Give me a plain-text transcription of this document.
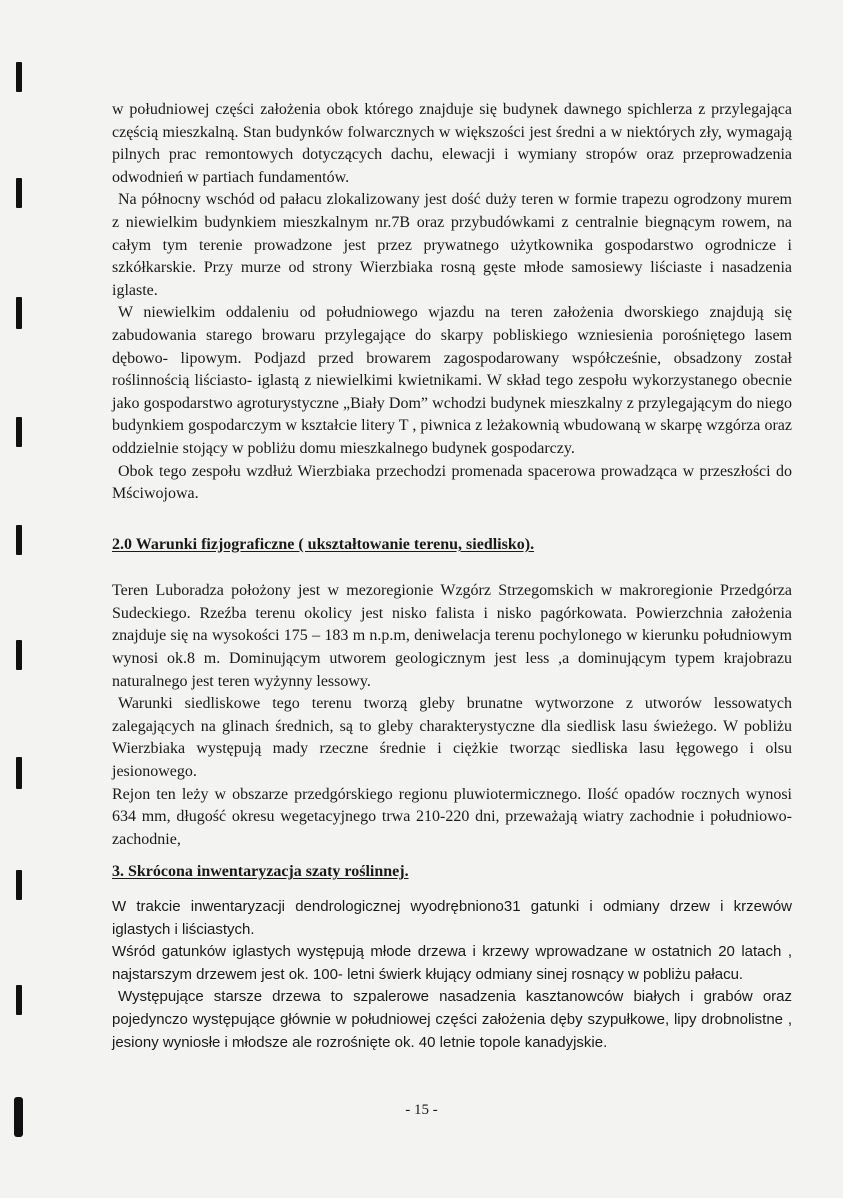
w południowej części założenia obok którego znajduje się budynek dawnego spichlerza z przylegająca częścią mieszkalną. Stan budynków folwarcznych w większości jest średni a w niektórych zły, wymagają pilnych prac remontowych dotyczących dachu, elewacji i wymiany stropów oraz przeprowadzenia odwodnień w partiach fundamentów.

Na północny wschód od pałacu zlokalizowany jest dość duży teren w formie trapezu ogrodzony murem z niewielkim budynkiem mieszkalnym nr.7B oraz przybudówkami z centralnie biegnącym rowem, na całym tym terenie prowadzone jest przez prywatnego użytkownika gospodarstwo ogrodnicze i szkółkarskie. Przy murze od strony Wierzbiaka rosną gęste młode samosiewy liściaste i nasadzenia iglaste.

W niewielkim oddaleniu od południowego wjazdu na teren założenia dworskiego znajdują się zabudowania starego browaru przylegające do skarpy pobliskiego wzniesienia porośniętego lasem dębowo- lipowym. Podjazd przed browarem zagospodarowany współcześnie, obsadzony został roślinnością liściasto- iglastą z niewielkimi kwietnikami. W skład tego zespołu wykorzystanego obecnie jako gospodarstwo agroturystyczne „Biały Dom” wchodzi budynek mieszkalny z przylegającym do niego budynkiem gospodarczym w kształcie litery T , piwnica z leżakownią wbudowaną w skarpę wzgórza oraz oddzielnie stojący w pobliżu domu mieszkalnego budynek gospodarczy.

Obok tego zespołu wzdłuż Wierzbiaka przechodzi promenada spacerowa prowadząca w przeszłości do Mściwojowa.

2.0 Warunki fizjograficzne ( ukształtowanie terenu, siedlisko).

Teren Luboradza położony jest w mezoregionie Wzgórz Strzegomskich w makroregionie Przedgórza Sudeckiego. Rzeźba terenu okolicy jest nisko falista i nisko pagórkowata. Powierzchnia założenia znajduje się na wysokości 175 – 183 m n.p.m, deniwelacja terenu pochylonego w kierunku południowym wynosi ok.8 m. Dominującym utworem geologicznym jest less ,a dominującym typem krajobrazu naturalnego jest teren wyżynny lessowy.

Warunki siedliskowe tego terenu tworzą gleby brunatne wytworzone z utworów lessowatych zalegających na glinach średnich, są to gleby charakterystyczne dla siedlisk lasu świeżego. W pobliżu Wierzbiaka występują mady rzeczne średnie i ciężkie tworząc siedliska lasu łęgowego i olsu jesionowego.

Rejon ten leży w obszarze przedgórskiego regionu pluwiotermicznego. Ilość opadów rocznych wynosi 634 mm, długość okresu wegetacyjnego trwa 210-220 dni, przeważają wiatry zachodnie i południowo-zachodnie,

3. Skrócona inwentaryzacja szaty roślinnej.

W trakcie inwentaryzacji dendrologicznej wyodrębniono31 gatunki i odmiany drzew i krzewów iglastych i liściastych.

Wśród gatunków iglastych występują młode drzewa i krzewy wprowadzane w ostatnich 20 latach , najstarszym drzewem jest ok. 100- letni świerk kłujący odmiany sinej rosnący w pobliżu pałacu.

Występujące starsze drzewa to szpalerowe nasadzenia kasztanowców białych i grabów oraz pojedynczo występujące głównie w południowej części założenia dęby szypułkowe, lipy drobnolistne , jesiony wyniosłe i młodsze ale rozrośnięte ok. 40 letnie topole kanadyjskie.

- 15 -
